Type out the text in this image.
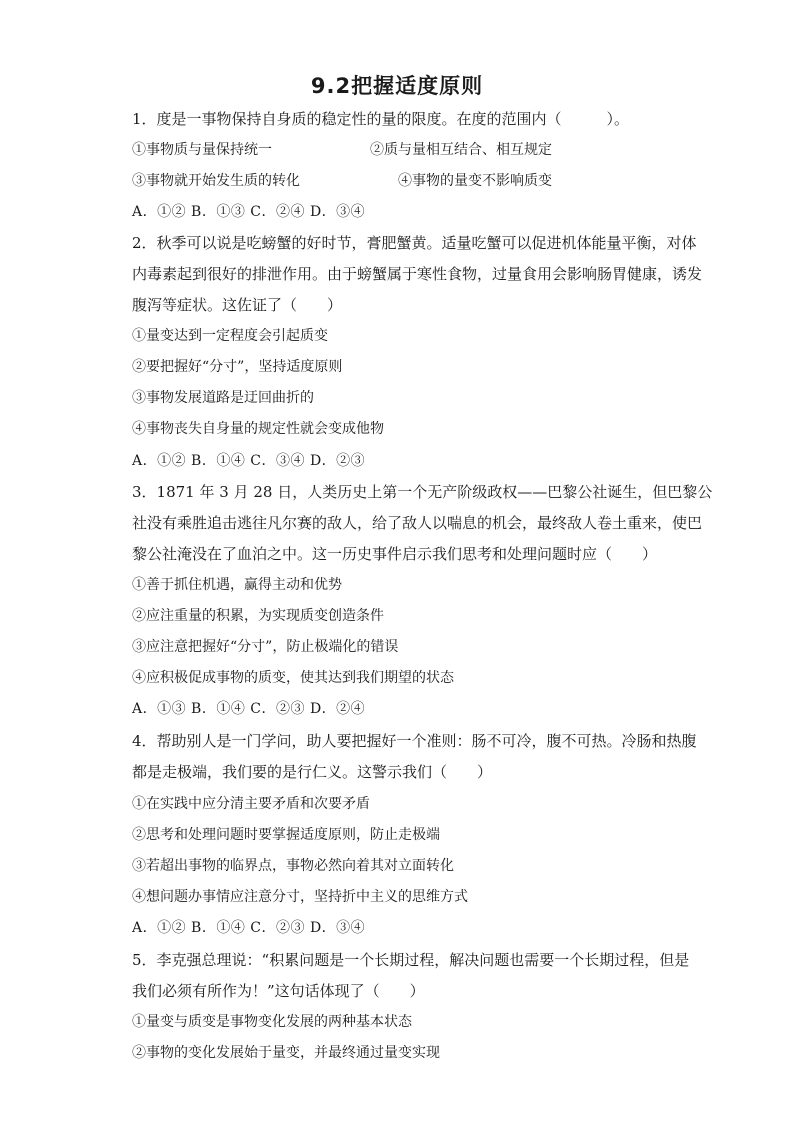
9.2把握适度原则
1．度是一事物保持自身质的稳定性的量的限度。在度的范围内（　　　）。
①事物质与量保持统一	②质与量相互结合、相互规定
③事物就开始发生质的转化	④事物的量变不影响质变
A．①② B．①③ C．②④ D．③④
2．秋季可以说是吃螃蟹的好时节，膏肥蟹黄。适量吃蟹可以促进机体能量平衡，对体
内毒素起到很好的排泄作用。由于螃蟹属于寒性食物，过量食用会影响肠胃健康，诱发
腹泻等症状。这佐证了（　　）
①量变达到一定程度会引起质变
②要把握好“分寸”，坚持适度原则
③事物发展道路是迂回曲折的
④事物丧失自身量的规定性就会变成他物
A．①② B．①④ C．③④ D．②③
3．1871 年 3 月 28 日，人类历史上第一个无产阶级政权——巴黎公社诞生，但巴黎公
社没有乘胜追击逃往凡尔赛的敌人，给了敌人以喘息的机会，最终敌人卷土重来，使巴
黎公社淹没在了血泊之中。这一历史事件启示我们思考和处理问题时应（　　）
①善于抓住机遇，赢得主动和优势
②应注重量的积累，为实现质变创造条件
③应注意把握好“分寸”，防止极端化的错误
④应积极促成事物的质变，使其达到我们期望的状态
A．①③ B．①④ C．②③ D．②④
4．帮助别人是一门学问，助人要把握好一个准则：肠不可冷，腹不可热。冷肠和热腹
都是走极端，我们要的是行仁义。这警示我们（　　）
①在实践中应分清主要矛盾和次要矛盾
②思考和处理问题时要掌握适度原则，防止走极端
③若超出事物的临界点，事物必然向着其对立面转化
④想问题办事情应注意分寸，坚持折中主义的思维方式
A．①② B．①④ C．②③ D．③④
5．李克强总理说：“积累问题是一个长期过程，解决问题也需要一个长期过程，但是
我们必须有所作为！”这句话体现了（　　）
①量变与质变是事物变化发展的两种基本状态
②事物的变化发展始于量变，并最终通过量变实现
